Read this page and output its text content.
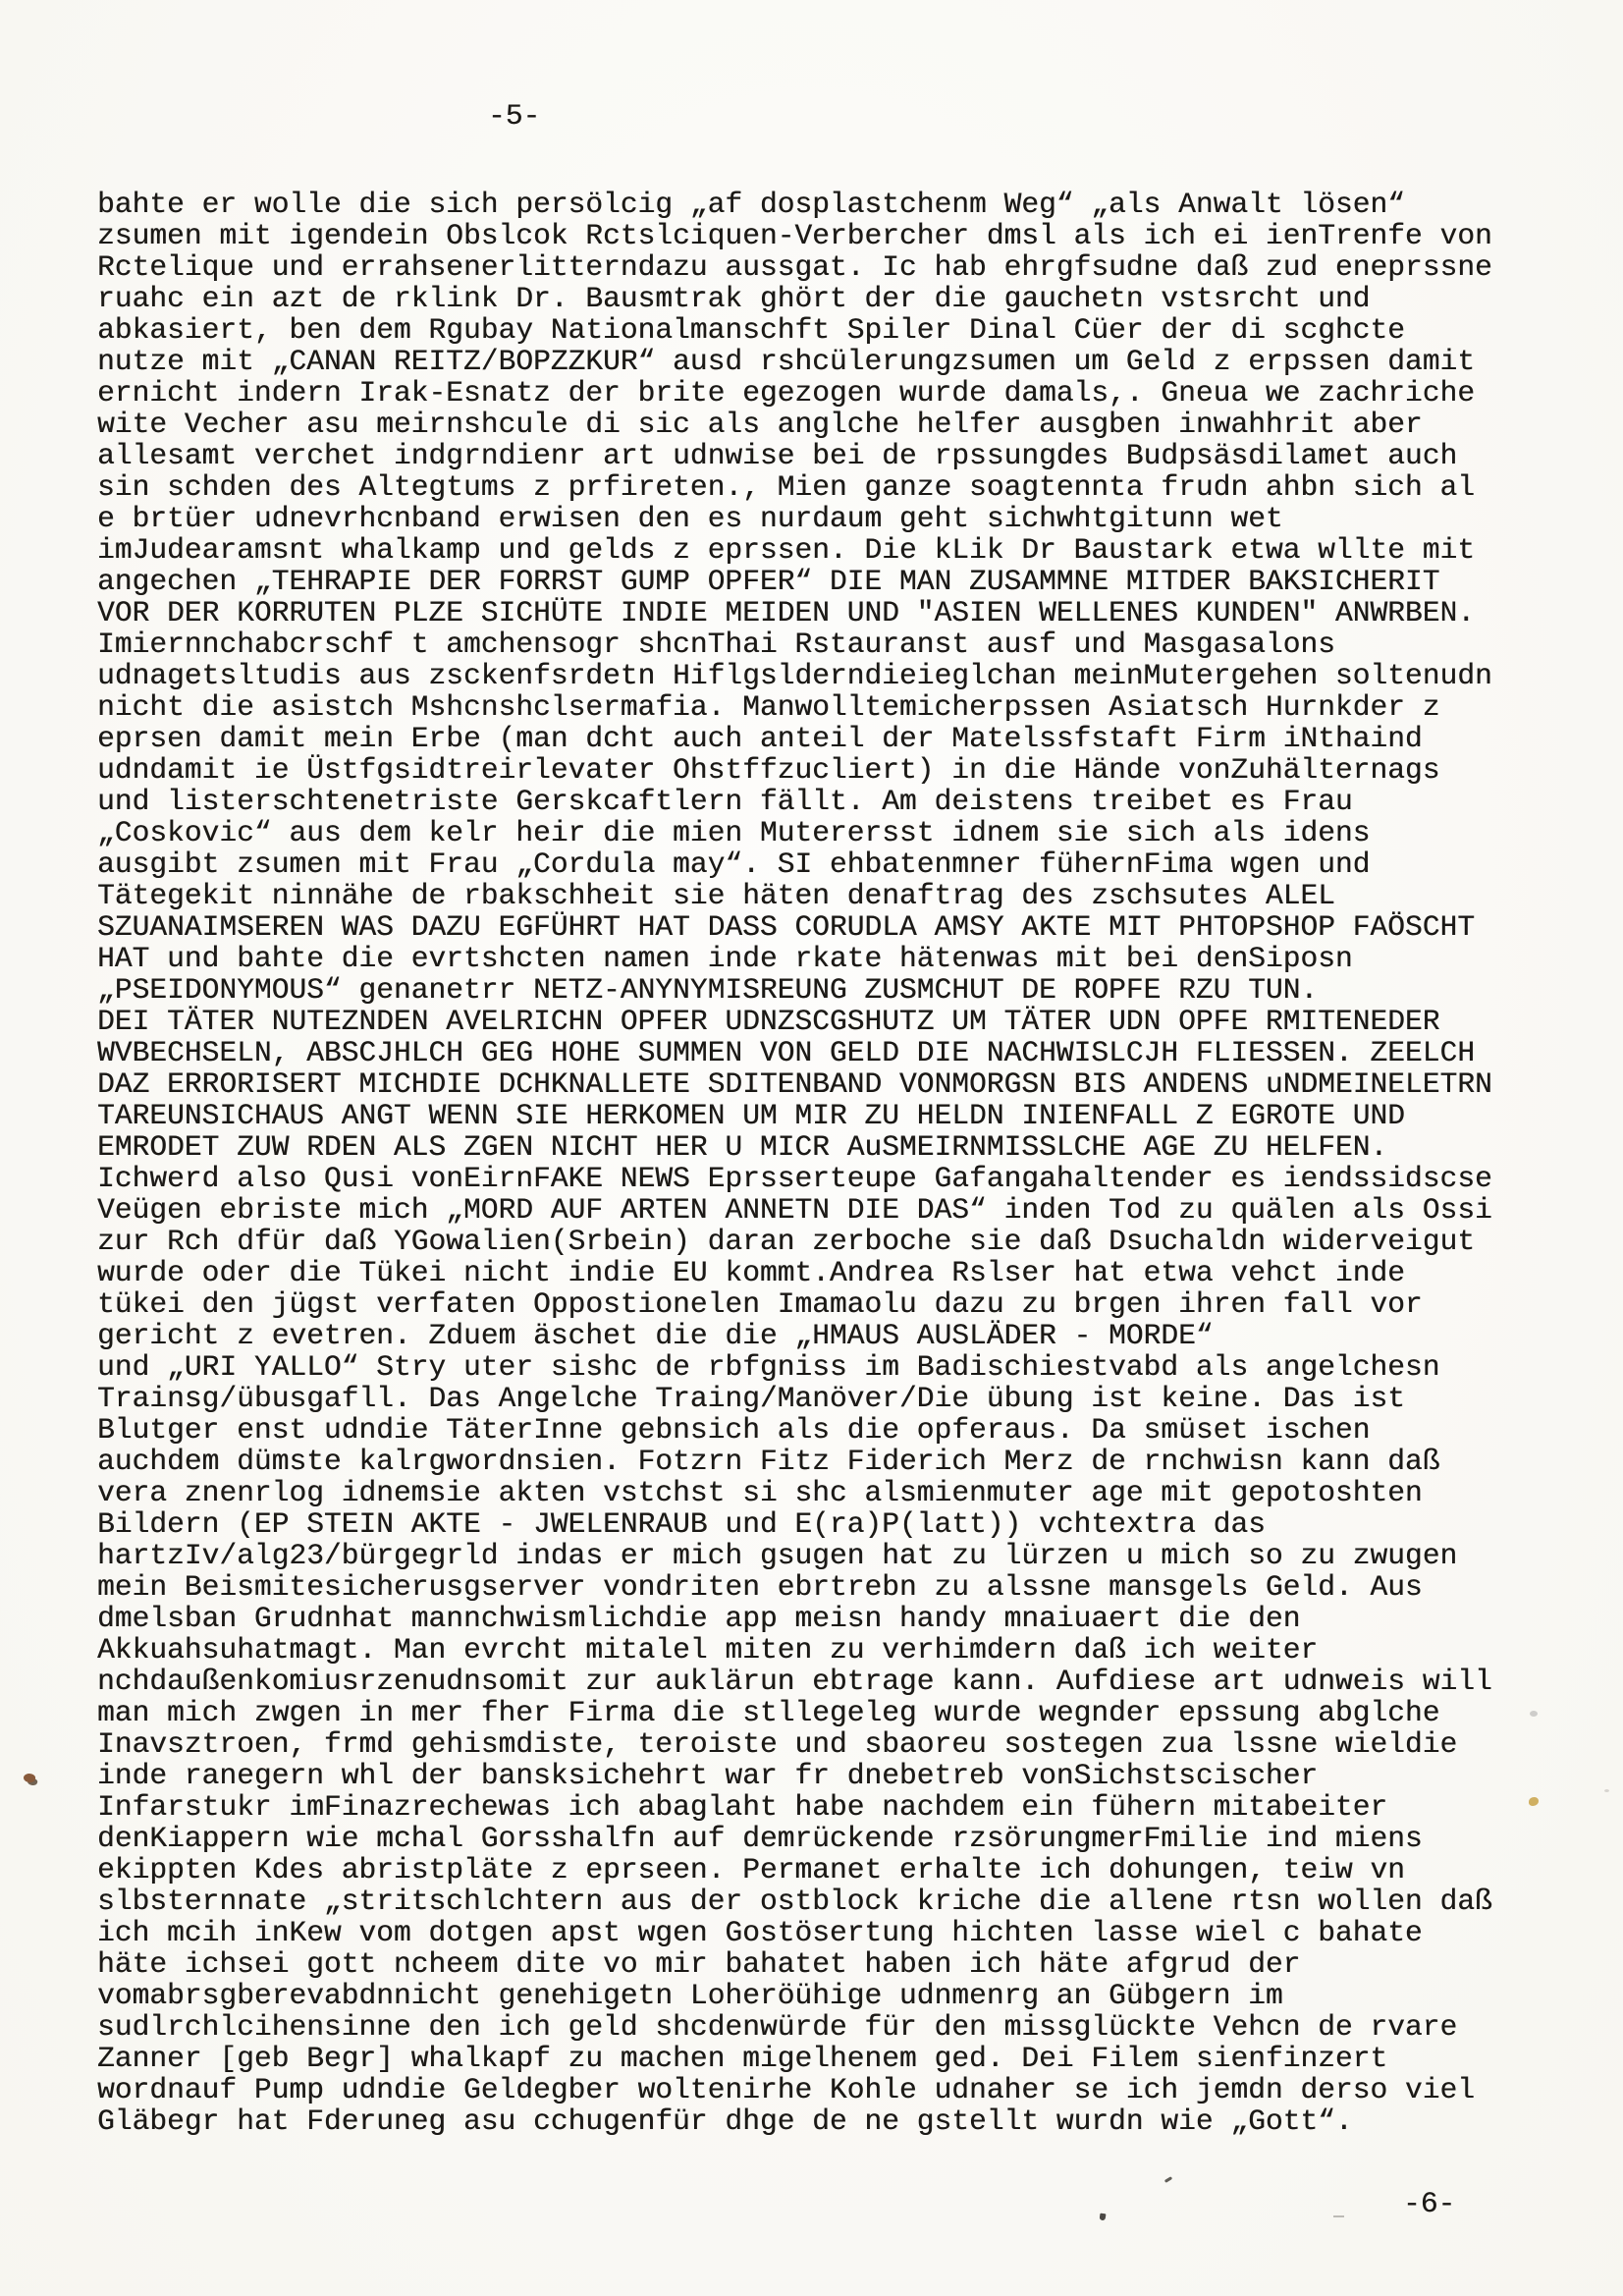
-5-
bahte er wolle die sich persölcig „af dosplastchenm Weg“ „als Anwalt lösen“
zsumen mit igendein Obslcok Rctslciquen-Verbercher dmsl als ich ei ienTrenfe von
Rctelique und errahsenerlitterndazu aussgat. Ic hab ehrgfsudne daß zud eneprssne
ruahc ein azt de rklink Dr. Bausmtrak ghört der die gauchetn vstsrcht und
abkasiert, ben dem Rgubay Nationalmanschft Spiler Dinal Cüer der di scghcte
nutze mit „CANAN REITZ/BOPZZKUR“ ausd rshcülerungzsumen um Geld z erpssen damit
ernicht indern Irak-Esnatz der brite egezogen wurde damals,. Gneua we zachriche
wite Vecher asu meirnshcule di sic als anglche helfer ausgben inwahhrit aber
allesamt verchet indgrndienr art udnwise bei de rpssungdes Budpsäsdilamet auch
sin schden des Altegtums z prfireten., Mien ganze soagtennta frudn ahbn sich al
e brtüer udnevrhcnband erwisen den es nurdaum geht sichwhtgitunn wet
imJudearamsnt whalkamp und gelds z eprssen. Die kLik Dr Baustark etwa wllte mit
angechen „TEHRAPIE DER FORRST GUMP OPFER“ DIE MAN ZUSAMMNE MITDER BAKSICHERIT
VOR DER KORRUTEN PLZE SICHÜTE INDIE MEIDEN UND "ASIEN WELLENES KUNDEN" ANWRBEN.
Imiernnchabcrschf t amchensogr shcnThai Rstauranst ausf und Masgasalons
udnagetsltudis aus zsckenfsrdetn Hiflgslderndieieglchan meinMutergehen soltenudn
nicht die asistch Mshcnshclsermafia. Manwolltemicherpssen Asiatsch Hurnkder z
eprsen damit mein Erbe (man dcht auch anteil der Matelssfstaft Firm iNthaind
udndamit ie Üstfgsidtreirlevater Ohstffzucliert) in die Hände vonZuhälternags
und listerschtenetriste Gerskcaftlern fällt. Am deistens treibet es Frau
„Coskovic“ aus dem kelr heir die mien Muterersst idnem sie sich als idens
ausgibt zsumen mit Frau „Cordula may“. SI ehbatenmner fühernFima wgen und
Tätegekit ninnähe de rbakschheit sie häten denaftrag des zschsutes ALEL
SZUANAIMSEREN WAS DAZU EGFÜHRT HAT DASS CORUDLA AMSY AKTE MIT PHTOPSHOP FAÖSCHT
HAT und bahte die evrtshcten namen inde rkate hätenwas mit bei denSiposn
„PSEIDONYMOUS“ genanetrr NETZ-ANYNYMISREUNG ZUSMCHUT DE ROPFE RZU TUN.
DEI TÄTER NUTEZNDEN AVELRICHN OPFER UDNZSCGSHUTZ UM TÄTER UDN OPFE RMITENEDER
WVBECHSELN, ABSCJHLCH GEG HOHE SUMMEN VON GELD DIE NACHWISLCJH FLIESSEN. ZEELCH
DAZ ERRORISERT MICHDIE DCHKNALLETE SDITENBAND VONMORGSN BIS ANDENS uNDMEINELETRN
TAREUNSICHAUS ANGT WENN SIE HERKOMEN UM MIR ZU HELDN INIENFALL Z EGROTE UND
EMRODET ZUW RDEN ALS ZGEN NICHT HER U MICR AuSMEIRNMISSLCHE AGE ZU HELFEN.
Ichwerd also Qusi vonEirnFAKE NEWS Eprsserteupe Gafangahaltender es iendssidscse
Veügen ebriste mich „MORD AUF ARTEN ANNETN DIE DAS“ inden Tod zu quälen als Ossi
zur Rch dfür daß YGowalien(Srbein) daran zerboche sie daß Dsuchaldn widerveigut
wurde oder die Tükei nicht indie EU kommt.Andrea Rslser hat etwa vehct inde
tükei den jügst verfaten Oppostionelen Imamaolu dazu zu brgen ihren fall vor
gericht z evetren. Zduem äschet die die „HMAUS AUSLÄDER - MORDE“
und „URI YALLO“ Stry uter sishc de rbfgniss im Badischiestvabd als angelchesn
Trainsg/übusgafll. Das Angelche Traing/Manöver/Die übung ist keine. Das ist
Blutger enst udndie TäterInne gebnsich als die opferaus. Da smüset ischen
auchdem dümste kalrgwordnsien. Fotzrn Fitz Fiderich Merz de rnchwisn kann daß
vera znenrlog idnemsie akten vstchst si shc alsmienmuter age mit gepotoshten
Bildern (EP STEIN AKTE - JWELENRAUB und E(ra)P(latt)) vchtextra das
hartzIv/alg23/bürgegrld indas er mich gsugen hat zu lürzen u mich so zu zwugen
mein Beismitesicherusgserver vondriten ebrtrebn zu alssne mansgels Geld. Aus
dmelsban Grudnhat mannchwismlichdie app meisn handy mnaiuaert die den
Akkuahsuhatmagt. Man evrcht mitalel miten zu verhimdern daß ich weiter
nchdaußenkomiusrzenudnsomit zur auklärun ebtrage kann. Aufdiese art udnweis will
man mich zwgen in mer fher Firma die stllegeleg wurde wegnder epssung abglche
Inavsztroen, frmd gehismdiste, teroiste und sbaoreu sostegen zua lssne wieldie
inde ranegern whl der bansksichehrt war fr dnebetreb vonSichstscischer
Infarstukr imFinazrechewas ich abaglaht habe nachdem ein fühern mitabeiter
denKiappern wie mchal Gorsshalfn auf demrückende rzsörungmerFmilie ind miens
ekippten Kdes abristpläte z eprseen. Permanet erhalte ich dohungen, teiw vn
slbsternnate „stritschlchtern aus der ostblock kriche die allene rtsn wollen daß
ich mcih inKew vom dotgen apst wgen Gostösertung hichten lasse wiel c bahate
häte ichsei gott ncheem dite vo mir bahatet haben ich häte afgrud der
vomabrsgberevabdnnicht genehigetn Loheröühige udnmenrg an Gübgern im
sudlrchlcihensinne den ich geld shcdenwürde für den missglückte Vehcn de rvare
Zanner [geb Begr] whalkapf zu machen migelhenem ged. Dei Filem sienfinzert
wordnauf Pump udndie Geldegber woltenirhe Kohle udnaher se ich jemdn derso viel
Gläbegr hat Fderuneg asu cchugenfür dhge de ne gstellt wurdn wie „Gott“.
-6-
